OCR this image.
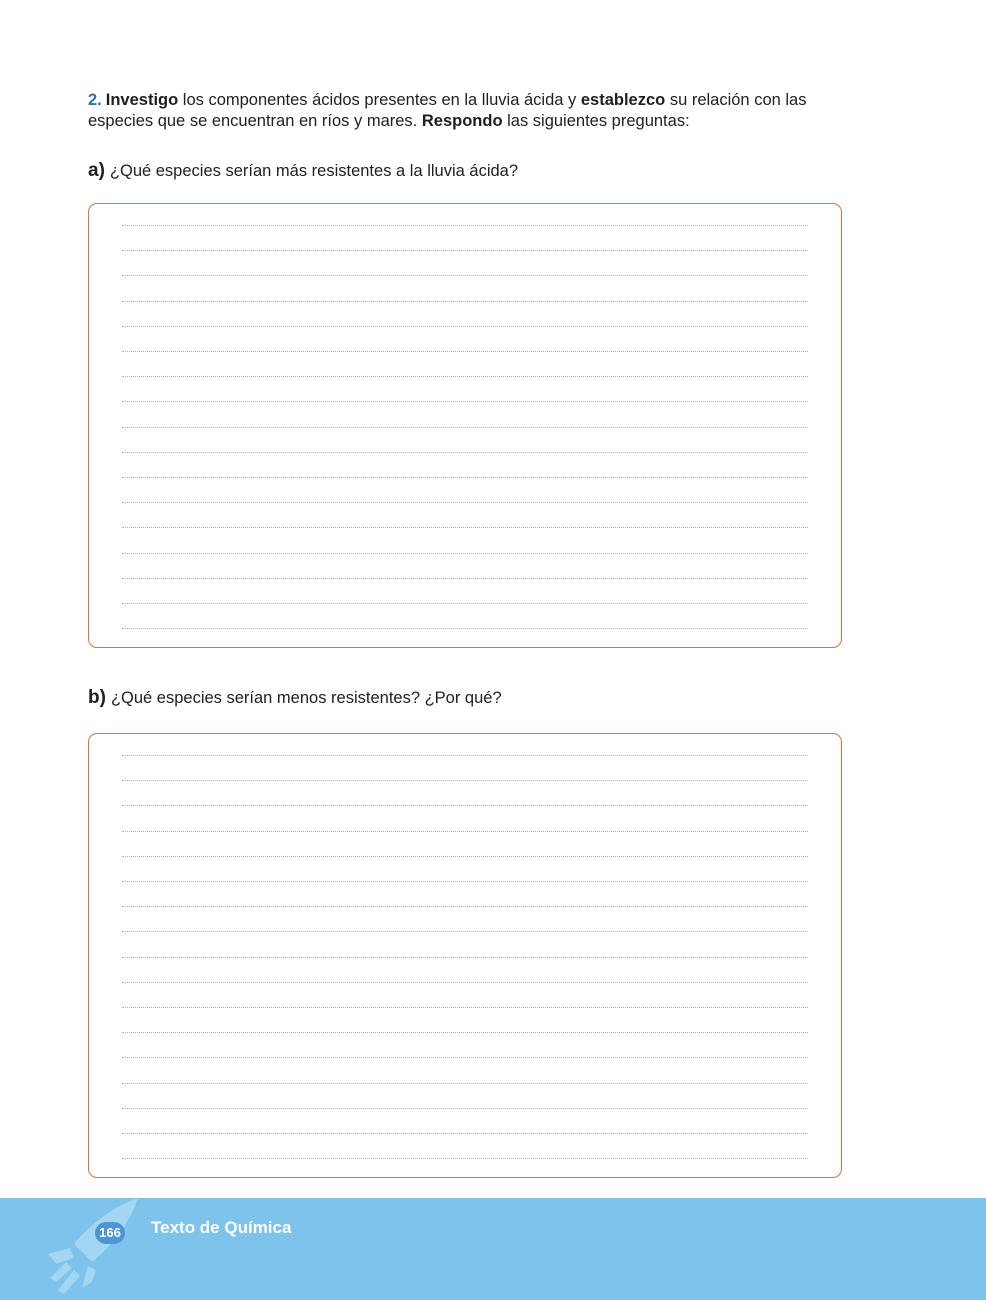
2. Investigo los componentes ácidos presentes en la lluvia ácida y establezco su relación con las especies que se encuentran en ríos y mares. Respondo las siguientes preguntas:

a) ¿Qué especies serían más resistentes a la lluvia ácida?

b) ¿Qué especies serían menos resistentes? ¿Por qué?

166 Texto de Química
